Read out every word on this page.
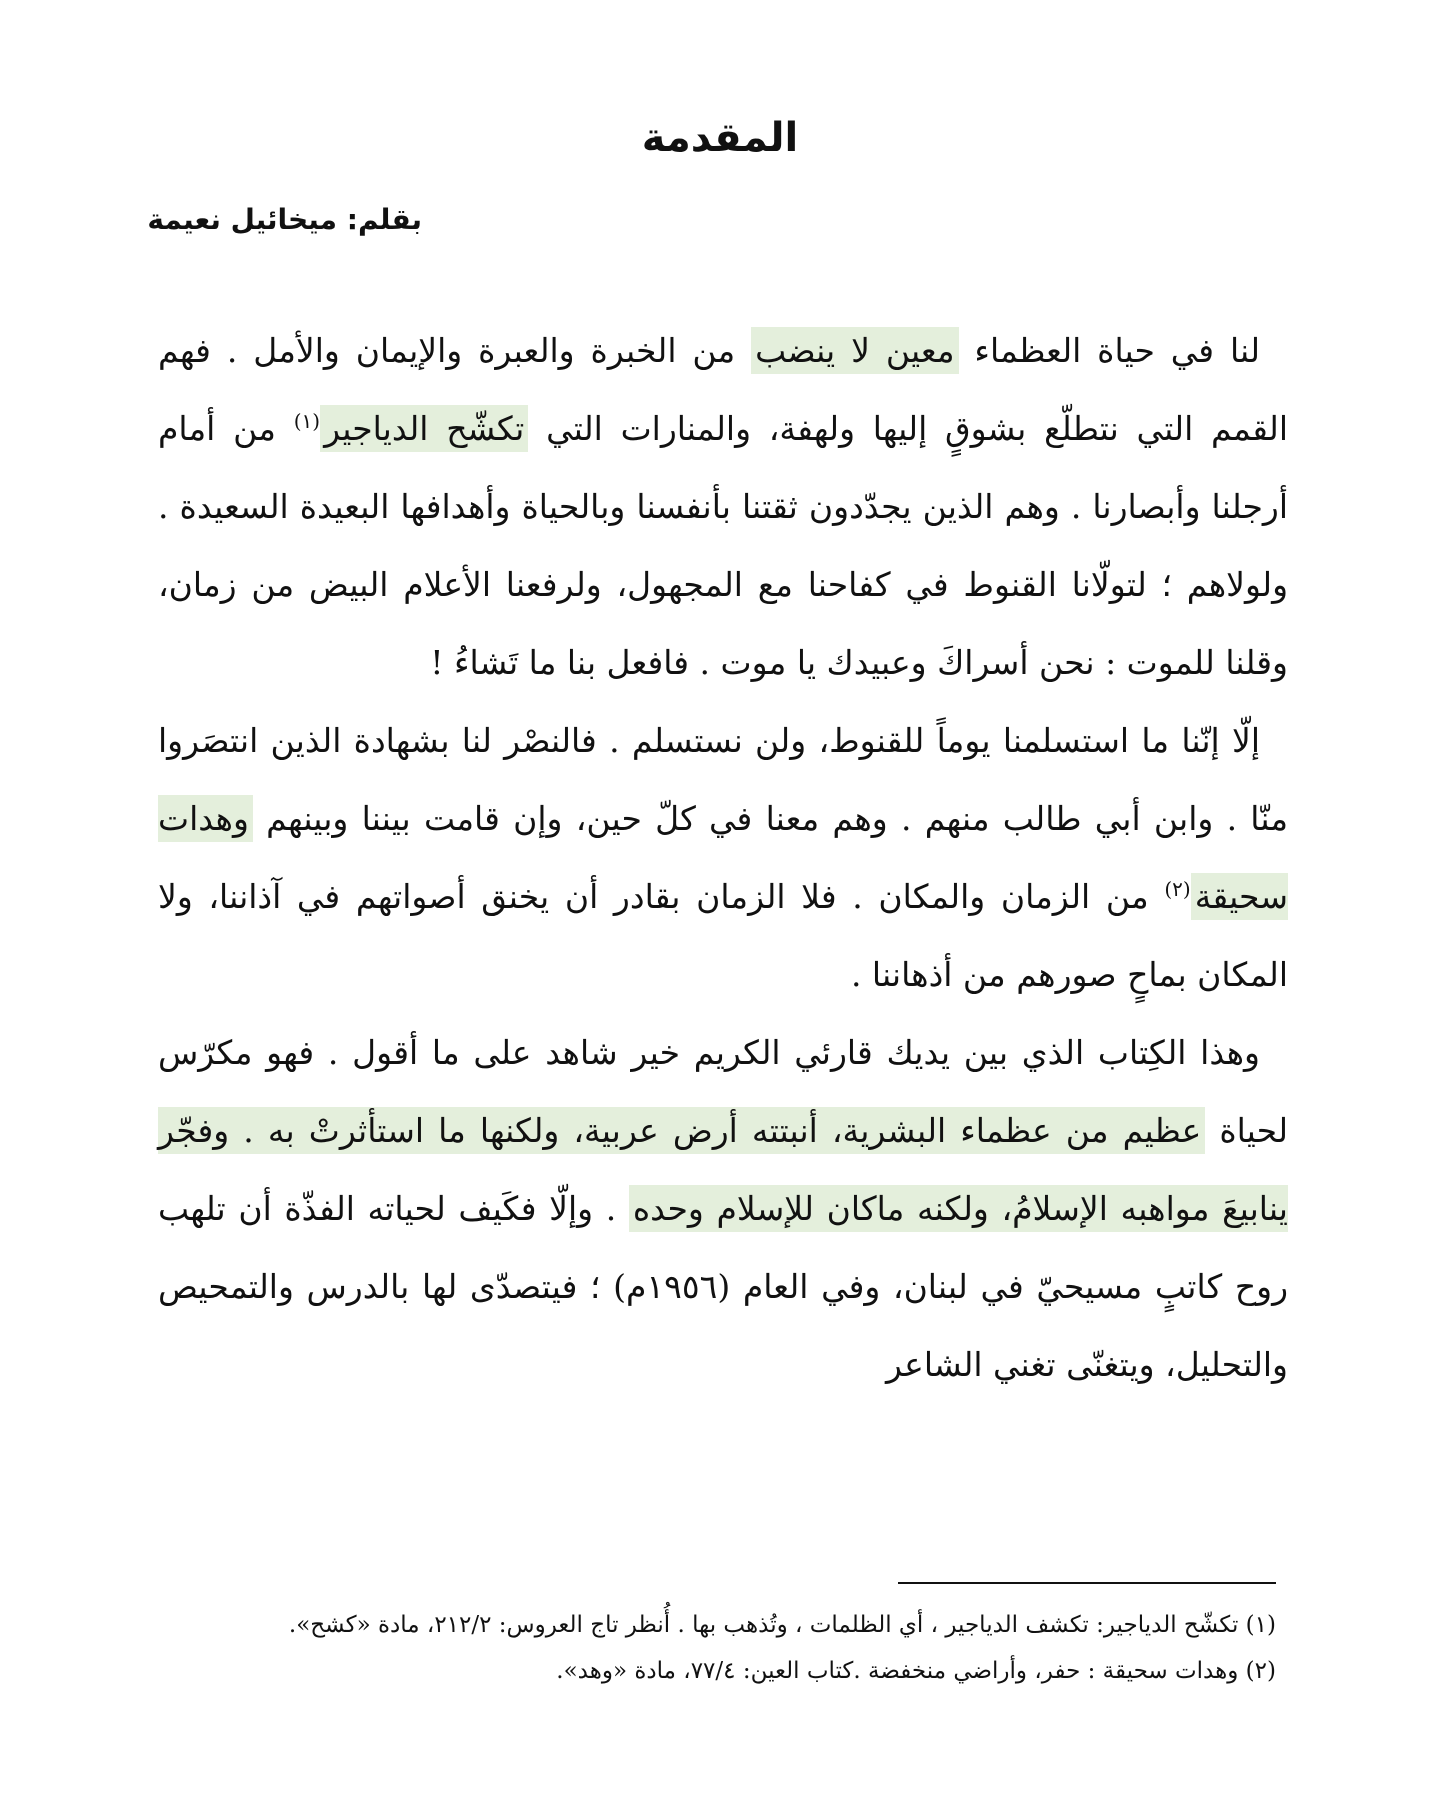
المقدمة

بقلم: ميخائيل نعيمة

لنا في حياة العظماء معين لا ينضب من الخبرة والعبرة والإيمان والأمل . فهم القمم التي نتطلّع بشوقٍ إليها ولهفة، والمنارات التي تكشّح الدياجير$^{(١)}$ من أمام أرجلنا وأبصارنا . وهم الذين يجدّدون ثقتنا بأنفسنا وبالحياة وأهدافها البعيدة السعيدة . ولولاهم ؛ لتولّانا القنوط في كفاحنا مع المجهول، ولرفعنا الأعلام البيض من زمان، وقلنا للموت : نحن أسراكَ وعبيدك يا موت . فافعل بنا ما تَشاءُ !

إلّا إنّنا ما استسلمنا يوماً للقنوط، ولن نستسلم . فالنصْر لنا بشهادة الذين انتصَروا منّا . وابن أبي طالب منهم . وهم معنا في كلّ حين، وإن قامت بيننا وبينهم وهدات سحيقة$^{(٢)}$ من الزمان والمكان . فلا الزمان بقادر أن يخنق أصواتهم في آذاننا، ولا المكان بماحٍ صورهم من أذهاننا .

وهذا الكِتاب الذي بين يديك قارئي الكريم خير شاهد على ما أقول . فهو مكرّس لحياة عظيم من عظماء البشرية، أنبتته أرض عربية، ولكنها ما استأثرتْ به . وفجّر ينابيعَ مواهبه الإسلامُ، ولكنه ماكان للإسلام وحده . وإلّا فكَيف لحياته الفذّة أن تلهب روح كاتبٍ مسيحيّ في لبنان، وفي العام (١٩٥٦م) ؛ فيتصدّى لها بالدرس والتمحيص والتحليل، ويتغنّى تغني الشاعر

(١) تكشّح الدياجير: تكشف الدياجير ، أي الظلمات ، وتُذهب بها . أُنظر تاج العروس: ٢١٢/٢، مادة «كشح».

(٢) وهدات سحيقة : حفر، وأراضي منخفضة .كتاب العين: ٧٧/٤، مادة «وهد».
